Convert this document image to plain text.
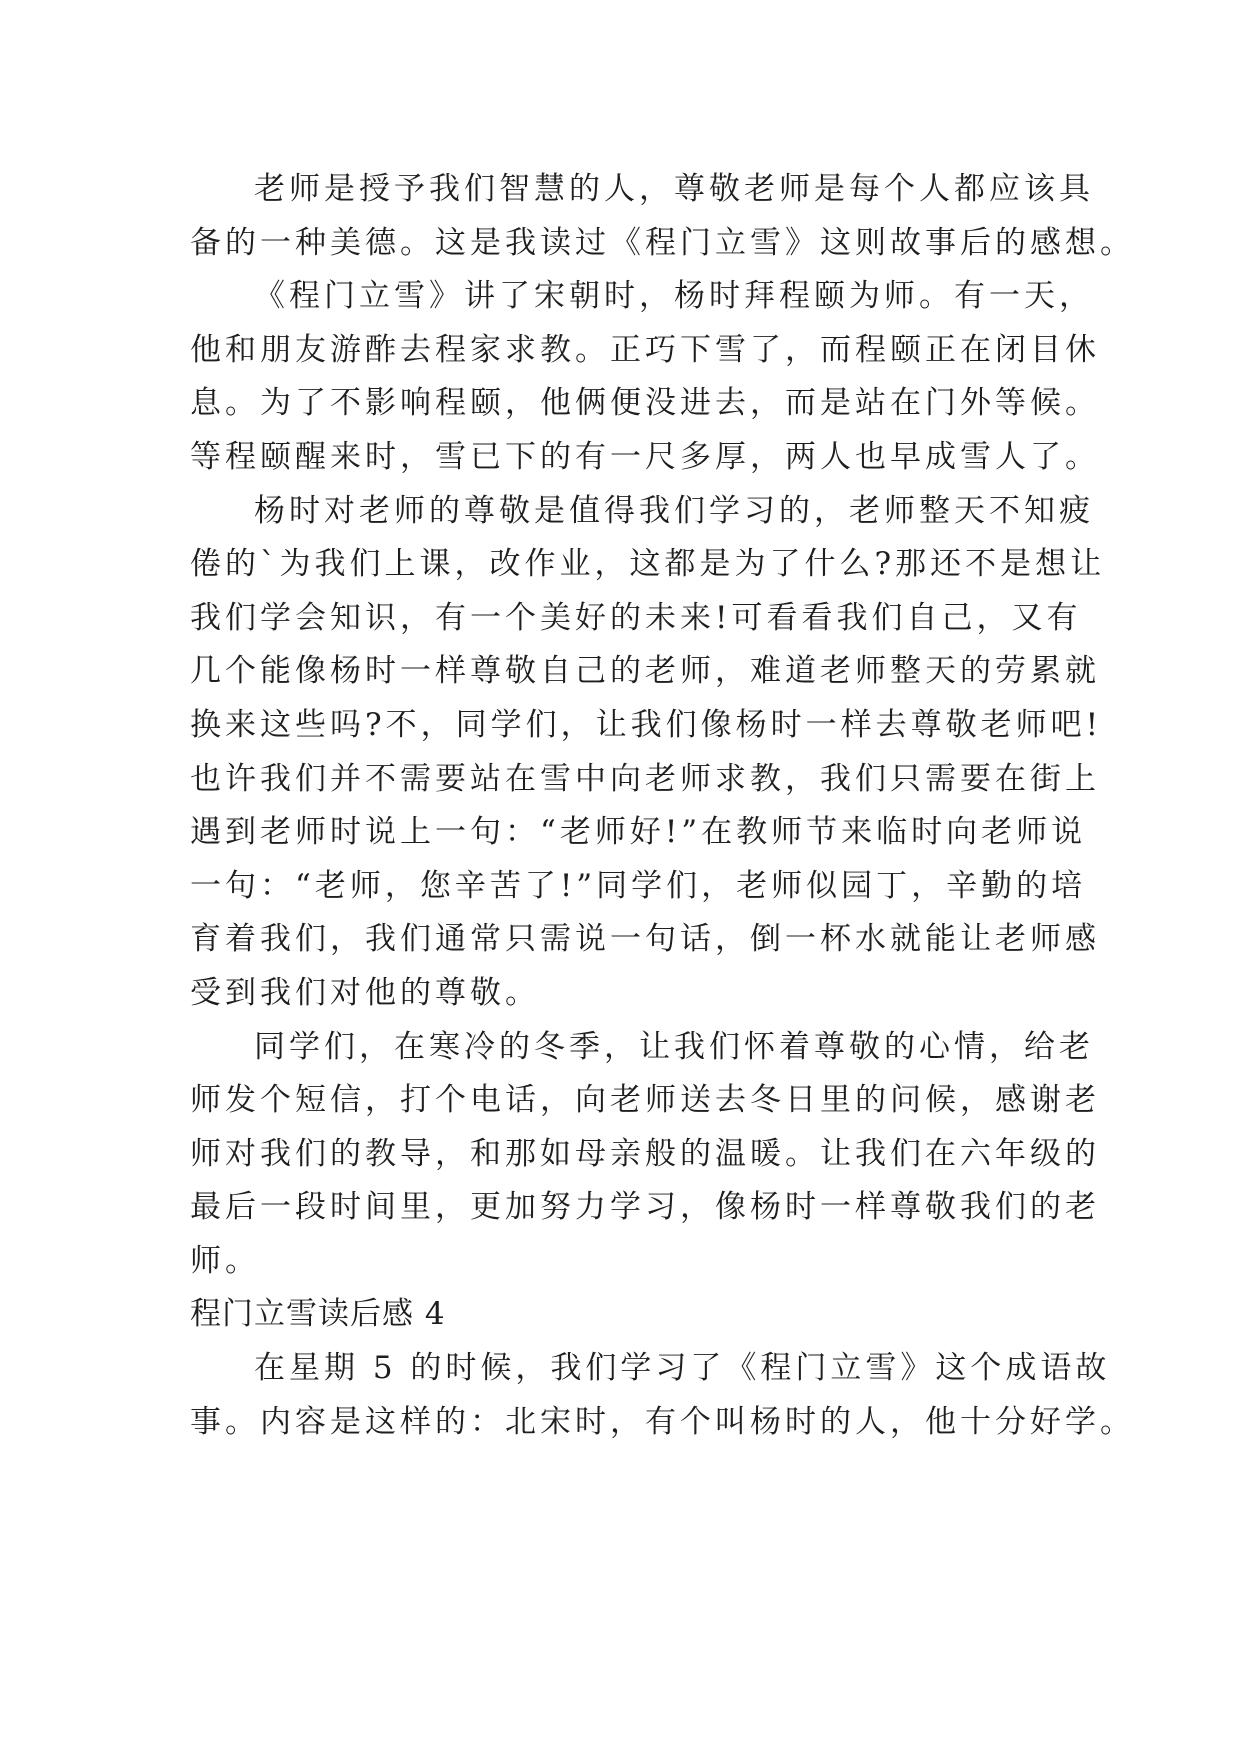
老师是授予我们智慧的人，尊敬老师是每个人都应该具
备的一种美德。这是我读过《程门立雪》这则故事后的感想。
《程门立雪》讲了宋朝时，杨时拜程颐为师。有一天，
他和朋友游酢去程家求教。正巧下雪了，而程颐正在闭目休
息。为了不影响程颐，他俩便没进去，而是站在门外等候。
等程颐醒来时，雪已下的有一尺多厚，两人也早成雪人了。
杨时对老师的尊敬是值得我们学习的，老师整天不知疲
倦的`为我们上课，改作业，这都是为了什么?那还不是想让
我们学会知识，有一个美好的未来!可看看我们自己，又有
几个能像杨时一样尊敬自己的老师，难道老师整天的劳累就
换来这些吗?不，同学们，让我们像杨时一样去尊敬老师吧!
也许我们并不需要站在雪中向老师求教，我们只需要在街上
遇到老师时说上一句：“老师好!”在教师节来临时向老师说
一句：“老师，您辛苦了!”同学们，老师似园丁，辛勤的培
育着我们，我们通常只需说一句话，倒一杯水就能让老师感
受到我们对他的尊敬。
同学们，在寒冷的冬季，让我们怀着尊敬的心情，给老
师发个短信，打个电话，向老师送去冬日里的问候，感谢老
师对我们的教导，和那如母亲般的温暖。让我们在六年级的
最后一段时间里，更加努力学习，像杨时一样尊敬我们的老
师。
程门立雪读后感 4
在星期 5 的时候，我们学习了《程门立雪》这个成语故
事。内容是这样的：北宋时，有个叫杨时的人，他十分好学。
